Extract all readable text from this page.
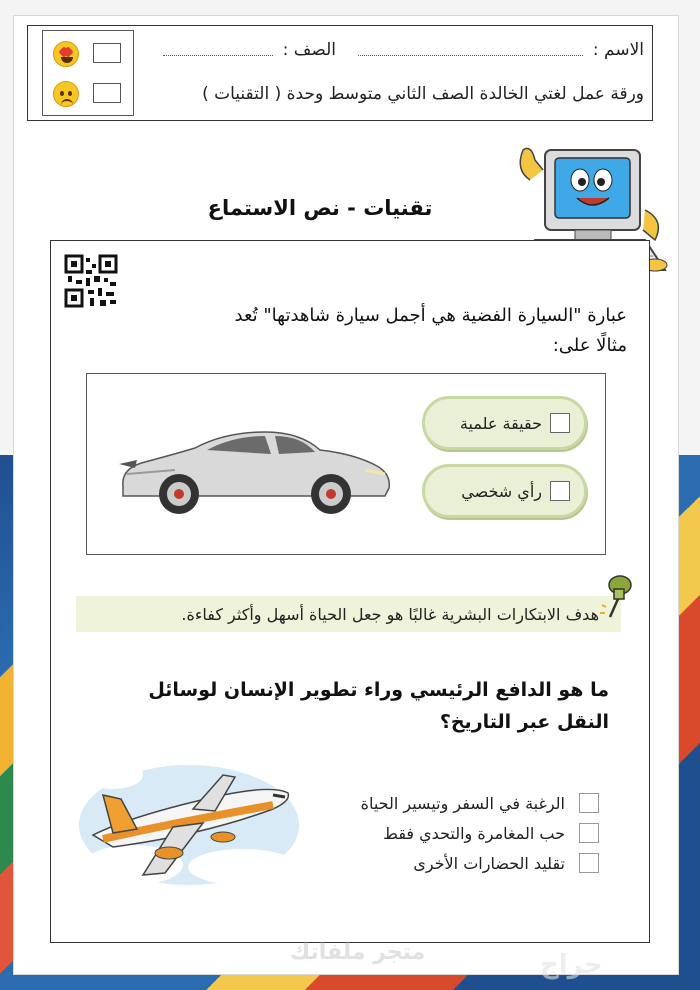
الاسم :
الصف :
ورقة عمل لغتي الخالدة الصف الثاني متوسط وحدة ( التقنيات )
تقنيات - نص الاستماع
عبارة "السيارة الفضية هي أجمل سيارة شاهدتها" تُعد مثالًا على:
حقيقة علمية
رأي شخصي
هدف الابتكارات البشرية غالبًا هو جعل الحياة أسهل وأكثر كفاءة.
ما هو الدافع الرئيسي وراء تطوير الإنسان لوسائل النقل عبر التاريخ؟
الرغبة في السفر وتيسير الحياة
حب المغامرة والتحدي فقط
تقليد الحضارات الأخرى
متجر ملفاتك	حراج
